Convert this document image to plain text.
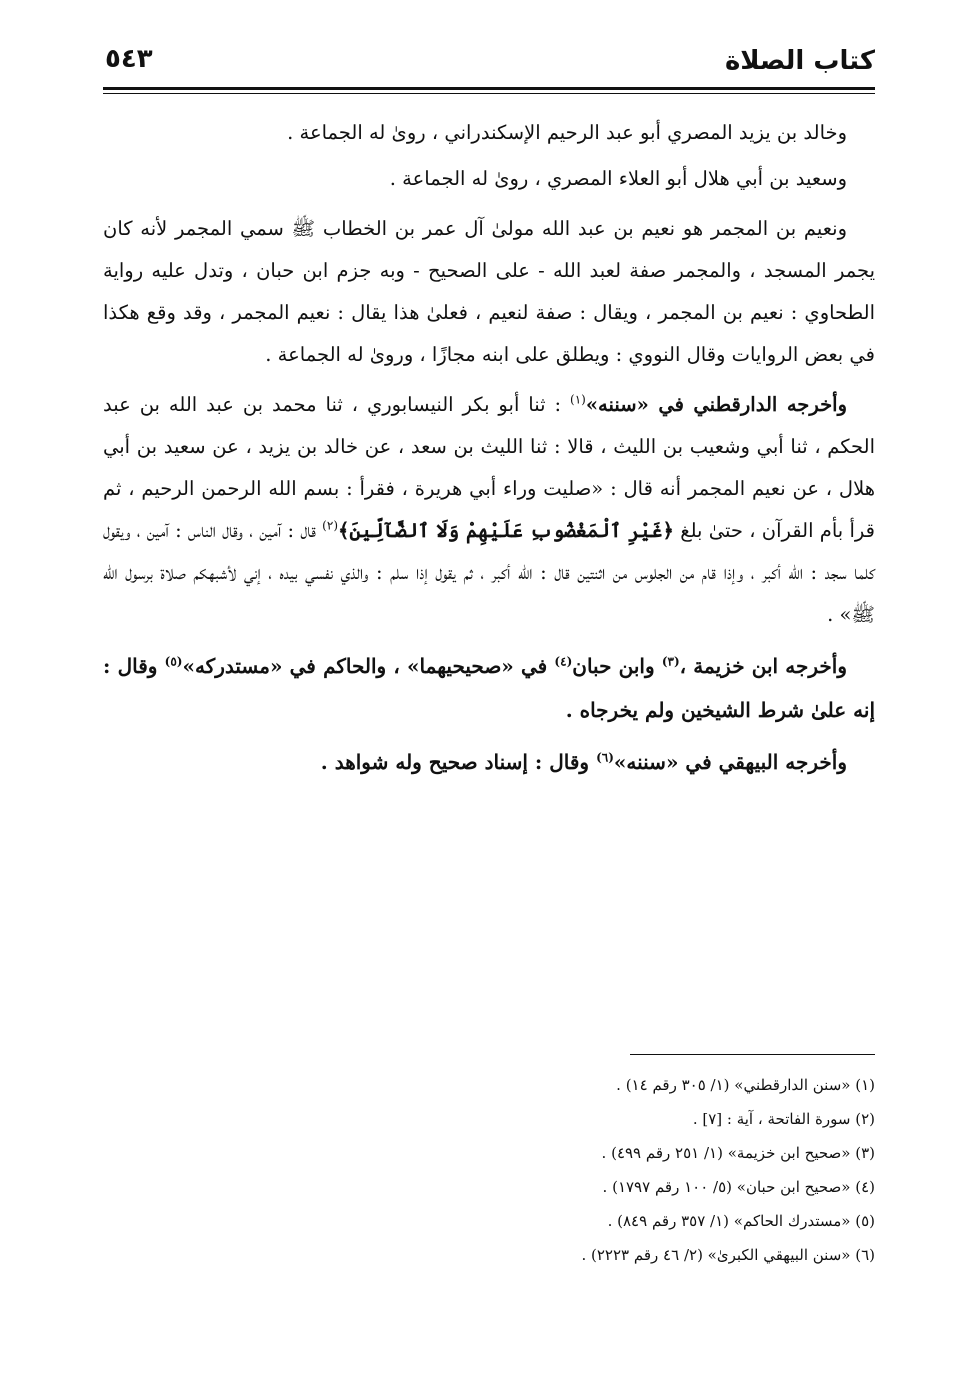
كتاب الصلاة
٥٤٣

وخالد بن يزيد المصري أبو عبد الرحيم الإسكندراني ، روىٰ له الجماعة .

وسعيد بن أبي هلال أبو العلاء المصري ، روىٰ له الجماعة .

ونعيم بن المجمر هو نعيم بن عبد الله مولىٰ آل عمر بن الخطاب ﷺ سمي المجمر لأنه كان يجمر المسجد ، والمجمر صفة لعبد الله - على الصحيح - وبه جزم ابن حبان ، وتدل عليه رواية الطحاوي : نعيم بن المجمر ، ويقال : صفة لنعيم ، فعلىٰ هذا يقال : نعيم المجمر ، وقد وقع هكذا في بعض الروايات وقال النووي : ويطلق على ابنه مجازًا ، وروىٰ له الجماعة .

وأخرجه الدارقطني في «سننه»$^{(١)}$ : ثنا أبو بكر النيسابوري ، ثنا محمد بن عبد الله بن عبد الحكم ، ثنا أبي وشعيب بن الليث ، قالا : ثنا الليث بن سعد ، عن خالد بن يزيد ، عن سعيد بن أبي هلال ، عن نعيم المجمر أنه قال : «صليت وراء أبي هريرة ، فقرأ : بسم الله الرحمن الرحيم ، ثم قرأ بأم القرآن ، حتىٰ بلغ ﴿غَيْرِ ٱلْمَغْضُوبِ عَلَيْهِمْ وَلَا ٱلضَّآلِّينَ﴾$^{(٢)}$ قال : آمين ، وقال الناس : آمين ، ويقول كلما سجد : الله أكبر ، وإذا قام من الجلوس من اثنتين قال : الله أكبر ، ثم يقول إذا سلم : والذي نفسي بيده ، إني لأشبهكم صلاة برسول الله ﷺ» .

وأخرجه ابن خزيمة ،$^{(٣)}$ وابن حبان$^{(٤)}$ في «صحيحيهما» ، والحاكم في «مستدركه»$^{(٥)}$ وقال : إنه علىٰ شرط الشيخين ولم يخرجاه .

وأخرجه البيهقي في «سننه»$^{(٦)}$ وقال : إسناد صحيح وله شواهد .

(١) «سنن الدارقطني» (١/ ٣٠٥ رقم ١٤) .
(٢) سورة الفاتحة ، آية : [٧] .
(٣) «صحيح ابن خزيمة» (١/ ٢٥١ رقم ٤٩٩) .
(٤) «صحيح ابن حبان» (٥/ ١٠٠ رقم ١٧٩٧) .
(٥) «مستدرك الحاكم» (١/ ٣٥٧ رقم ٨٤٩) .
(٦) «سنن البيهقي الكبرىٰ» (٢/ ٤٦ رقم ٢٢٢٣) .
